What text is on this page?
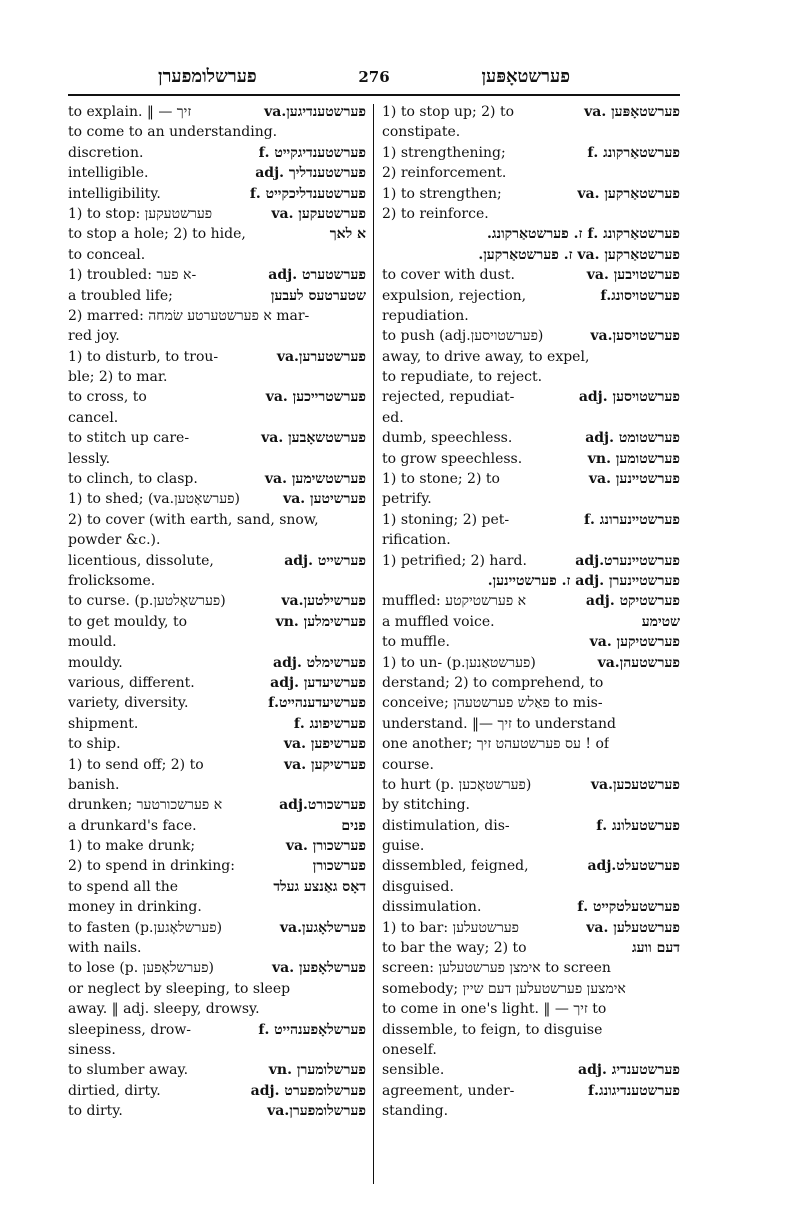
פערשלומפערן	276	פערשטאָפּען
to explain. ‖ — זיך	פערשטענדיגען.va
to come to an understanding.
discretion.	פערשטענדיגקייט .f
intelligible.	פערשטענדליך .adj
intelligibility.	פערשטענדליכקייט .f
1) to stop: פערשטעקען	פערשטעקען .va
to stop a hole; 2) to hide,	א לאך
to conceal.
1) troubled: א פער-	פערשטערט .adj
a troubled life;	שטערטעס לעבען
2) marred: א פערשטערטע שׂמחה mar-
red joy.
1) to disturb, to trou-	פערשטערען.va
ble; 2) to mar.
to cross, to	פערשטרייכען .va
cancel.
to stitch up care-	פערשטשאָבען .va
lessly.
to clinch, to clasp.	פערשטשימען .va
1) to shed; (va.פערשאָטען)	פערשיטען .va
2) to cover (with earth, sand, snow,
powder &c.).
licentious, dissolute,	פערשייט .adj
frolicksome.
to curse. (p.פערשאָלטען)	פערשילטען.va
to get mouldy, to	פערשימלען .vn
mould.
mouldy.	פערשימלט .adj
various, different.	פערשיעדען .adj
variety, diversity.	פערשיעדענהייט.f
shipment.	פערשיפונג .f
to ship.	פערשיפען .va
1) to send off; 2) to	פערשיקען .va
banish.
drunken; א פערשכורטער	פערשכורט.adj
a drunkard's face.	פנים
1) to make drunk;	פערשכורן .va
2) to spend in drinking:	פערשכורן
to spend all the	דאָס גאַנצע געלד
money in drinking.
to fasten (p.פערשלאָגען)	פערשלאָגען.va
with nails.
to lose (p. פערשלאָפען)	פערשלאָפען .va
or neglect by sleeping, to sleep
away. ‖ adj. sleepy, drowsy.
sleepiness, drow-	פערשלאָפענהייט .f
siness.
to slumber away.	פערשלומערן .vn
dirtied, dirty.	פערשלומפערט .adj
to dirty.	פערשלומפערן.va
1) to stop up; 2) to	פערשטאָפּען .va
constipate.
1) strengthening;	פערשטאַרקונג .f
2) reinforcement.
1) to strengthen;	פערשטאַרקען .va
2) to reinforce.
פערשטאַרקונג .f ז. פערשטאַרקונג.
פערשטאַרקען .va ז. פערשטאַרקען.
to cover with dust.	פערשטויבען .va
expulsion, rejection,	פערשטויסונג.f
repudiation.
to push (adj.פערשטויסען)	פערשטויסען.va
away, to drive away, to expel,
to repudiate, to reject.
rejected, repudiat-	פערשטויסען .adj
ed.
dumb, speechless.	פערשטומט .adj
to grow speechless.	פערשטומען .vn
1) to stone; 2) to	פערשטיינען .va
petrify.
1) stoning; 2) pet-	פערשטיינערונג .f
rification.
1) petrified; 2) hard.	פערשטיינערט.adj
פערשטיינערן .adj ז. פערשטיינען.
muffled: א פערשטיקטע	פערשטיקט .adj
a muffled voice.	שטימע
to muffle.	פערשטיקען .va
1) to un- (p.פערשטאַנען)	פערשטעהן.va
derstand; 2) to comprehend, to
conceive; פאַלש פערשטעהן to mis-
understand. ‖— זיך to understand
one another; עס פערשטעהט זיך ! of
course.
to hurt (p. פערשטאָכען)	פערשטעכען.va
by stitching.
distimulation, dis-	פערשטעלונג .f
guise.
dissembled, feigned,	פערשטעלט.adj
disguised.
dissimulation.	פערשטעלטקייט .f
1) to bar: פערשטעלען	פערשטעלען .va
to bar the way; 2) to	דעם וועג
screen: אימצן פערשטעלען to screen
somebody; אימצען פערשטעלען דעם שיין
to come in one's light. ‖ — זיך to
dissemble, to feign, to disguise
oneself.
sensible.	פערשטענדיג .adj
agreement, under-	פערשטענדיגונג.f
standing.
